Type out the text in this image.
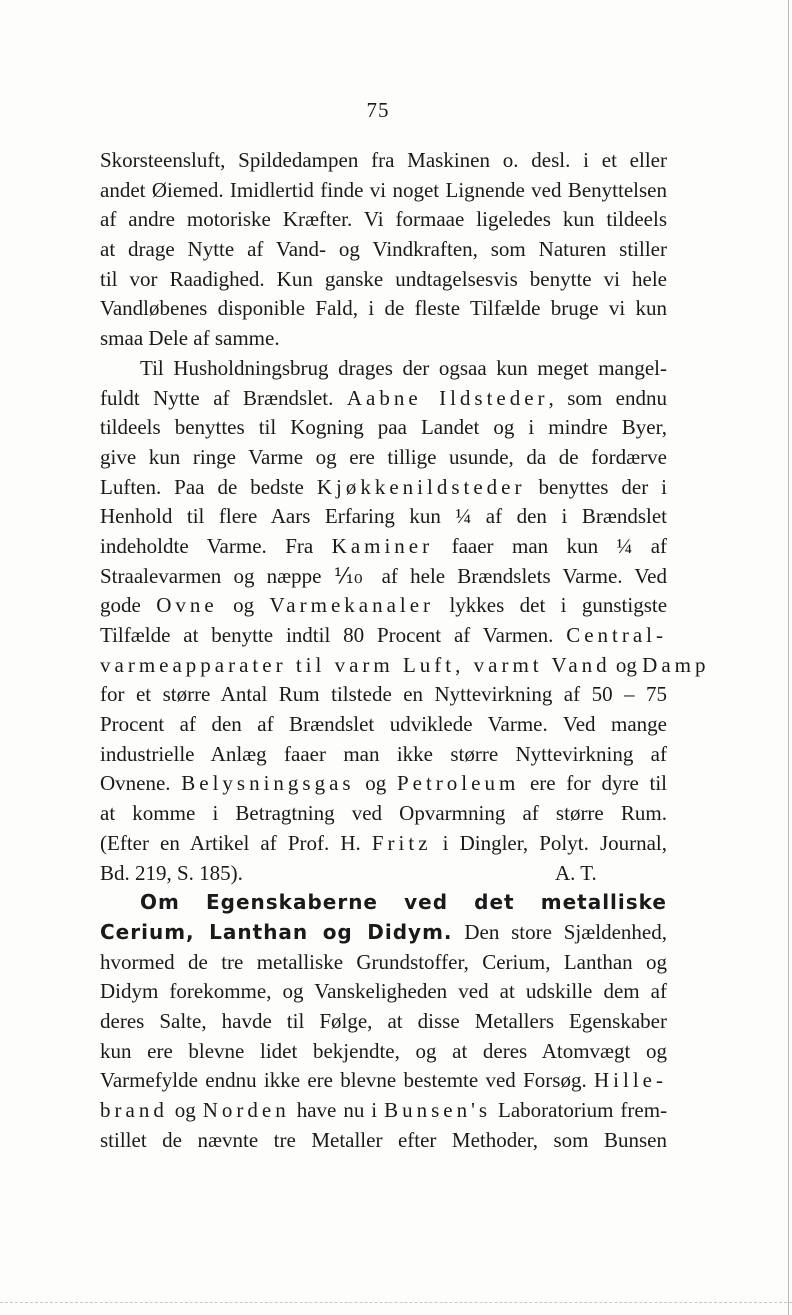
75
Skorsteensluft, Spildedampen fra Maskinen o. desl. i et eller
andet Øiemed. Imidlertid finde vi noget Lignende ved Benyttelsen
af andre motoriske Kræfter. Vi formaae ligeledes kun tildeels
at drage Nytte af Vand- og Vindkraften, som Naturen stiller
til vor Raadighed. Kun ganske undtagelsesvis benytte vi hele
Vandløbenes disponible Fald, i de fleste Tilfælde bruge vi kun
smaa Dele af samme.
Til Husholdningsbrug drages der ogsaa kun meget mangel-
fuldt Nytte af Brændslet. Aabne Ildsteder, som endnu
tildeels benyttes til Kogning paa Landet og i mindre Byer,
give kun ringe Varme og ere tillige usunde, da de fordærve
Luften. Paa de bedste Kjøkkenildsteder benyttes der i
Henhold til flere Aars Erfaring kun ¼ af den i Brændslet
indeholdte Varme. Fra Kaminer faaer man kun ¼ af
Straalevarmen og næppe ⅒ af hele Brændslets Varme. Ved
gode Ovne og Varmekanaler lykkes det i gunstigste
Tilfælde at benytte indtil 80 Procent af Varmen. Central-
varmeapparater til varm Luft, varmt Vand og Damp
for et større Antal Rum tilstede en Nyttevirkning af 50 – 75
Procent af den af Brændslet udviklede Varme. Ved mange
industrielle Anlæg faaer man ikke større Nyttevirkning af
Ovnene. Belysningsgas og Petroleum ere for dyre til
at komme i Betragtning ved Opvarmning af større Rum.
(Efter en Artikel af Prof. H. Fritz i Dingler, Polyt. Journal,
Bd. 219, S. 185).	A. T.
Om Egenskaberne ved det metalliske
Cerium, Lanthan og Didym. Den store Sjældenhed,
hvormed de tre metalliske Grundstoffer, Cerium, Lanthan og
Didym forekomme, og Vanskeligheden ved at udskille dem af
deres Salte, havde til Følge, at disse Metallers Egenskaber
kun ere blevne lidet bekjendte, og at deres Atomvægt og
Varmefylde endnu ikke ere blevne bestemte ved Forsøg. Hille-
brand og Norden have nu i Bunsen's Laboratorium frem-
stillet de nævnte tre Metaller efter Methoder, som Bunsen
